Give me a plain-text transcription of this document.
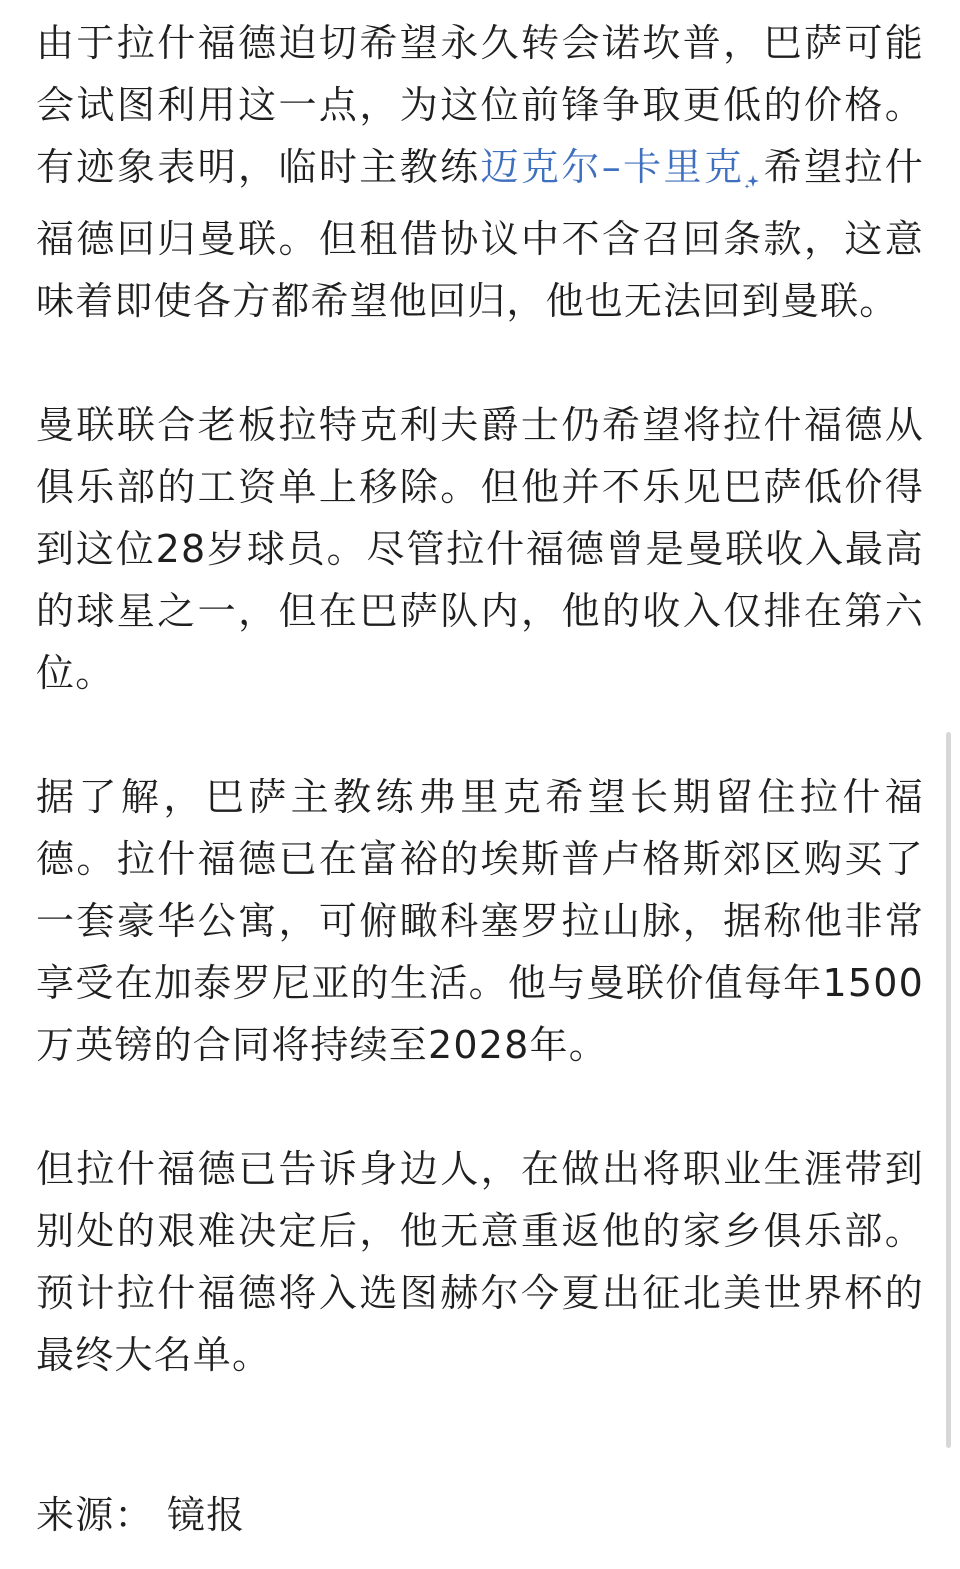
由于拉什福德迫切希望永久转会诺坎普，巴萨可能会试图利用这一点，为这位前锋争取更低的价格。有迹象表明，临时主教练迈克尔–卡里克 希望拉什福德回归曼联。但租借协议中不含召回条款，这意味着即使各方都希望他回归，他也无法回到曼联。

曼联联合老板拉特克利夫爵士仍希望将拉什福德从俱乐部的工资单上移除。但他并不乐见巴萨低价得到这位28岁球员。尽管拉什福德曾是曼联收入最高的球星之一，但在巴萨队内，他的收入仅排在第六位。

据了解，巴萨主教练弗里克希望长期留住拉什福德。拉什福德已在富裕的埃斯普卢格斯郊区购买了一套豪华公寓，可俯瞰科塞罗拉山脉，据称他非常享受在加泰罗尼亚的生活。他与曼联价值每年1500万英镑的合同将持续至2028年。

但拉什福德已告诉身边人，在做出将职业生涯带到别处的艰难决定后，他无意重返他的家乡俱乐部。预计拉什福德将入选图赫尔今夏出征北美世界杯的最终大名单。

来源： 镜报
